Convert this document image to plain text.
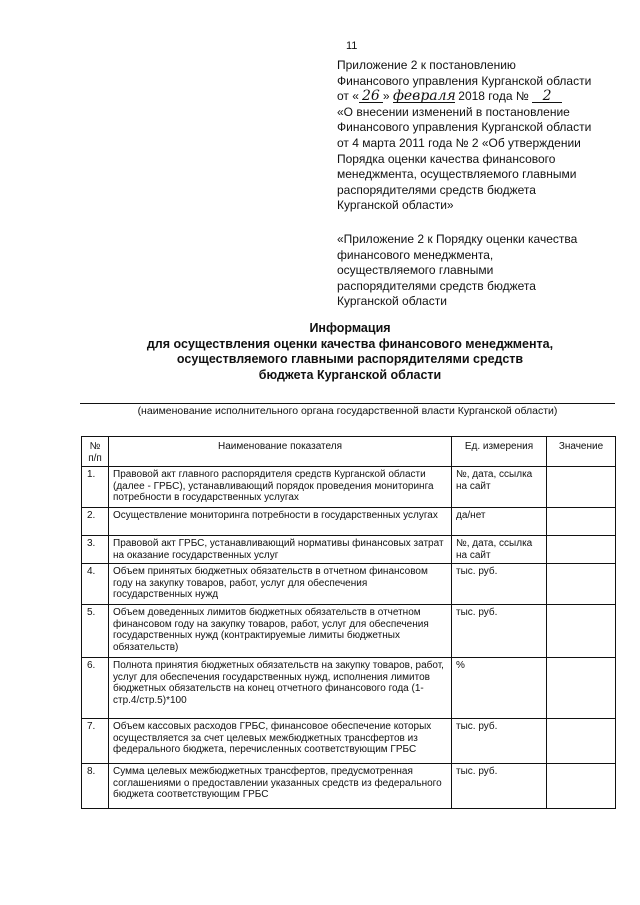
11

Приложение 2 к постановлению

Финансового управления Курганской области

от « 26 » февраля 2018 года № 2

«О внесении изменений в постановление

Финансового управления Курганской области

от 4 марта 2011 года № 2 «Об утверждении

Порядка оценки качества финансового

менеджмента, осуществляемого главными

распорядителями средств бюджета

Курганской области»

«Приложение 2 к Порядку оценки качества

финансового менеджмента,

осуществляемого главными

распорядителями средств бюджета

Курганской области

Информация

для осуществления оценки качества финансового менеджмента,

осуществляемого главными распорядителями средств

бюджета Курганской области

(наименование исполнительного органа государственной власти Курганской области)
№ п/п	Наименование показателя	Ед. измерения	Значение
1.	Правовой акт главного распорядителя средств Курганской области (далее - ГРБС), устанавливающий порядок проведения мониторинга потребности в государственных услугах	№, дата, ссылка на сайт	
2.	Осуществление мониторинга потребности в государственных услугах	да/нет	
3.	Правовой акт ГРБС, устанавливающий нормативы финансовых затрат на оказание государственных услуг	№, дата, ссылка на сайт	
4.	Объем принятых бюджетных обязательств в отчетном финансовом году на закупку товаров, работ, услуг для обеспечения государственных нужд	тыс. руб.	
5.	Объем доведенных лимитов бюджетных обязательств в отчетном финансовом году на закупку товаров, работ, услуг для обеспечения государственных нужд (контрактируемые лимиты бюджетных обязательств)	тыс. руб.	
6.	Полнота принятия бюджетных обязательств на закупку товаров, работ, услуг для обеспечения государственных нужд, исполнения лимитов бюджетных обязательств на конец отчетного финансового года (1-стр.4/стр.5)*100	%	
7.	Объем кассовых расходов ГРБС, финансовое обеспечение которых осуществляется за счет целевых межбюджетных трансфертов из федерального бюджета, перечисленных соответствующим ГРБС	тыс. руб.	
8.	Сумма целевых межбюджетных трансфертов, предусмотренная соглашениями о предоставлении указанных средств из федерального бюджета соответствующим ГРБС	тыс. руб.	
